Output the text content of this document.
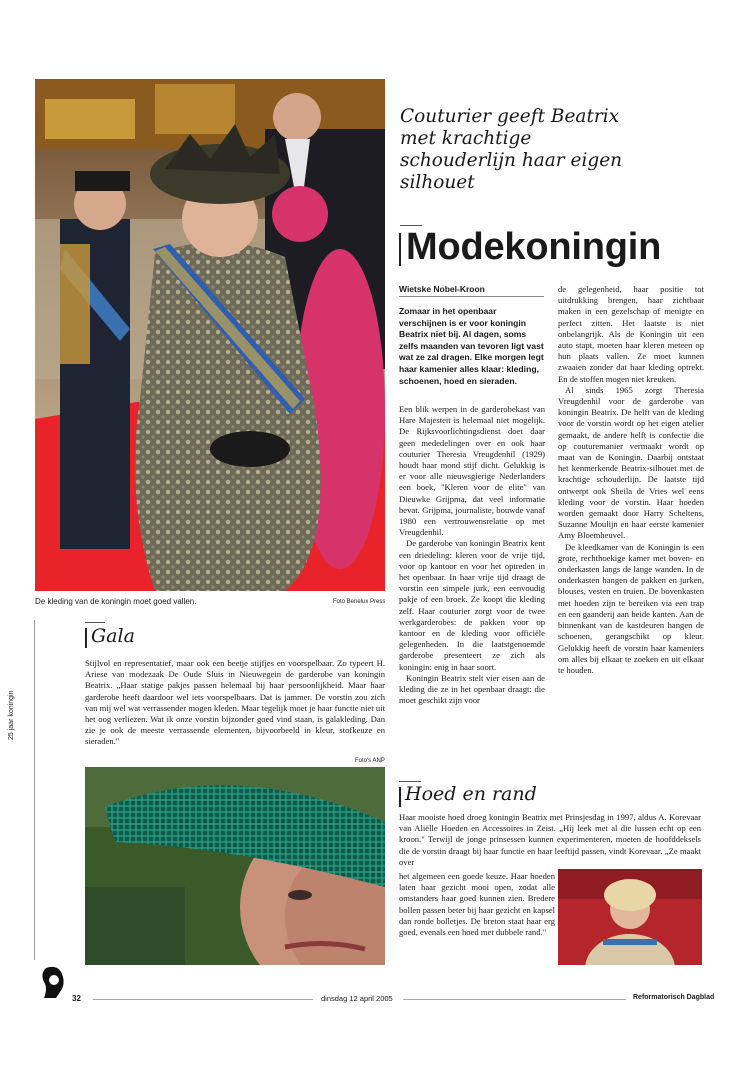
De kleding van de koningin moet goed vallen.	Foto Benelux Press
Couturier geeft Beatrix met krachtige schouderlijn haar eigen silhouet
Modekoningin
Wietske Nobel-Kroon
Zomaar in het openbaar verschijnen is er voor koningin Beatrix niet bij. Al dagen, soms zelfs maanden van tevoren ligt vast wat ze zal dragen. Elke morgen legt haar kamenier alles klaar: kleding, schoenen, hoed en sieraden.

Een blik werpen in de garderobekast van Hare Majesteit is helemaal niet mogelijk. De Rijksvoorlichtingsdienst doet daar geen mededelingen over en ook haar couturier Theresia Vreugdenhil (1929) houdt haar mond stijf dicht. Gelukkig is er voor alle nieuwsgierige Nederlanders een boek, "Kleren voor de elite" van Dieuwke Grijpma, dat veel informatie bevat. Grijpma, journaliste, bouwde vanaf 1980 een vertrouwensrelatie op met Vreugdenhil.

De garderobe van koningin Beatrix kent een driedeling: kleren voor de vrije tijd, voor op kantoor en voor het optreden in het openbaar. In haar vrije tijd draagt de vorstin een simpele jurk, een eenvoudig pakje of een broek. Ze koopt die kleding zelf. Haar couturier zorgt voor de twee werkgarderobes: de pakken voor op kantoor en de kleding voor officiële gelegenheden. In die laatstgenoemde garderobe presenteert ze zich als koningin: enig in haar soort.

Koningin Beatrix stelt vier eisen aan de kleding die ze in het openbaar draagt: die moet geschikt zijn voor

de gelegenheid, haar positie tot uitdrukking brengen, haar zichtbaar maken in een gezelschap of menigte en perfect zitten. Het laatste is niet onbelangrijk. Als de Koningin uit een auto stapt, moeten haar kleren meteen op hun plaats vallen. Ze moet kunnen zwaaien zonder dat haar kleding optrekt. En de stoffen mogen niet kreuken.

Al sinds 1965 zorgt Theresia Vreugdenhil voor de garderobe van koningin Beatrix. De helft van de kleding voor de vorstin wordt op het eigen atelier gemaakt, de andere helft is confectie die op couturemanier vermaakt wordt op maat van de Koningin. Daarbij ontstaat het kenmerkende Beatrix-silhouet met de krachtige schouderlijn. De laatste tijd ontwerpt ook Sheila de Vries wel eens kleding voor de vorstin. Haar hoeden worden gemaakt door Harry Scheltens, Suzanne Moulijn en haar eerste kamenier Amy Bloemheuvel.

De kleedkamer van de Koningin is een grote, rechthoekige kamer met boven- en onderkasten langs de lange wanden. In de onderkasten hangen de pakken en jurken, blouses, vesten en truien. De bovenkasten met hoeden zijn te bereiken via een trap en een gaanderij aan beide kanten. Aan de binnenkant van de kastdeuren hangen de schoenen, gerangschikt op kleur. Gelukkig heeft de vorstin haar kameniers om alles bij elkaar te zoeken en uit elkaar te houden.

25 jaar koningin
Gala
Stijlvol en representatief, maar ook een beetje stijfjes en voorspelbaar. Zo typeert H. Ariese van modezaak De Oude Sluis in Nieuwegein de garderobe van koningin Beatrix. „Haar statige pakjes passen helemaal bij haar persoonlijkheid. Maar haar garderobe heeft daardoor wel iets voorspelbaars. Dat is jammer. De vorstin zou zich van mij wel wat verrassender mogen kleden. Maar tegelijk moet je haar functie niet uit het oog verliezen. Wat ik onze vorstin bijzonder goed vind staan, is galakleding. Dan zie je ook de meeste verrassende elementen, bijvoorbeeld in kleur, stofkeuze en sieraden."
Foto's ANP
Hoed en rand
Haar mooiste hoed droeg koningin Beatrix met Prinsjesdag in 1997, aldus A. Korevaar van Aliëlle Hoeden en Accessoires in Zeist. „Hij leek met al die lussen echt op een kroon." Terwijl de jonge prinsessen kunnen experimenteren, moeten de hoofddeksels die de vorstin draagt bij haar functie en haar leeftijd passen, vindt Korevaar. „Ze maakt over
het algemeen een goede keuze. Haar hoeden laten haar gezicht mooi open, zodat alle omstanders haar goed kunnen zien. Bredere bollen passen beter bij haar gezicht en kapsel dan ronde bolletjes. De breton staat haar erg goed, evenals een hoed met dubbele rand."
32	dinsdag 12 april 2005	Reformatorisch Dagblad
